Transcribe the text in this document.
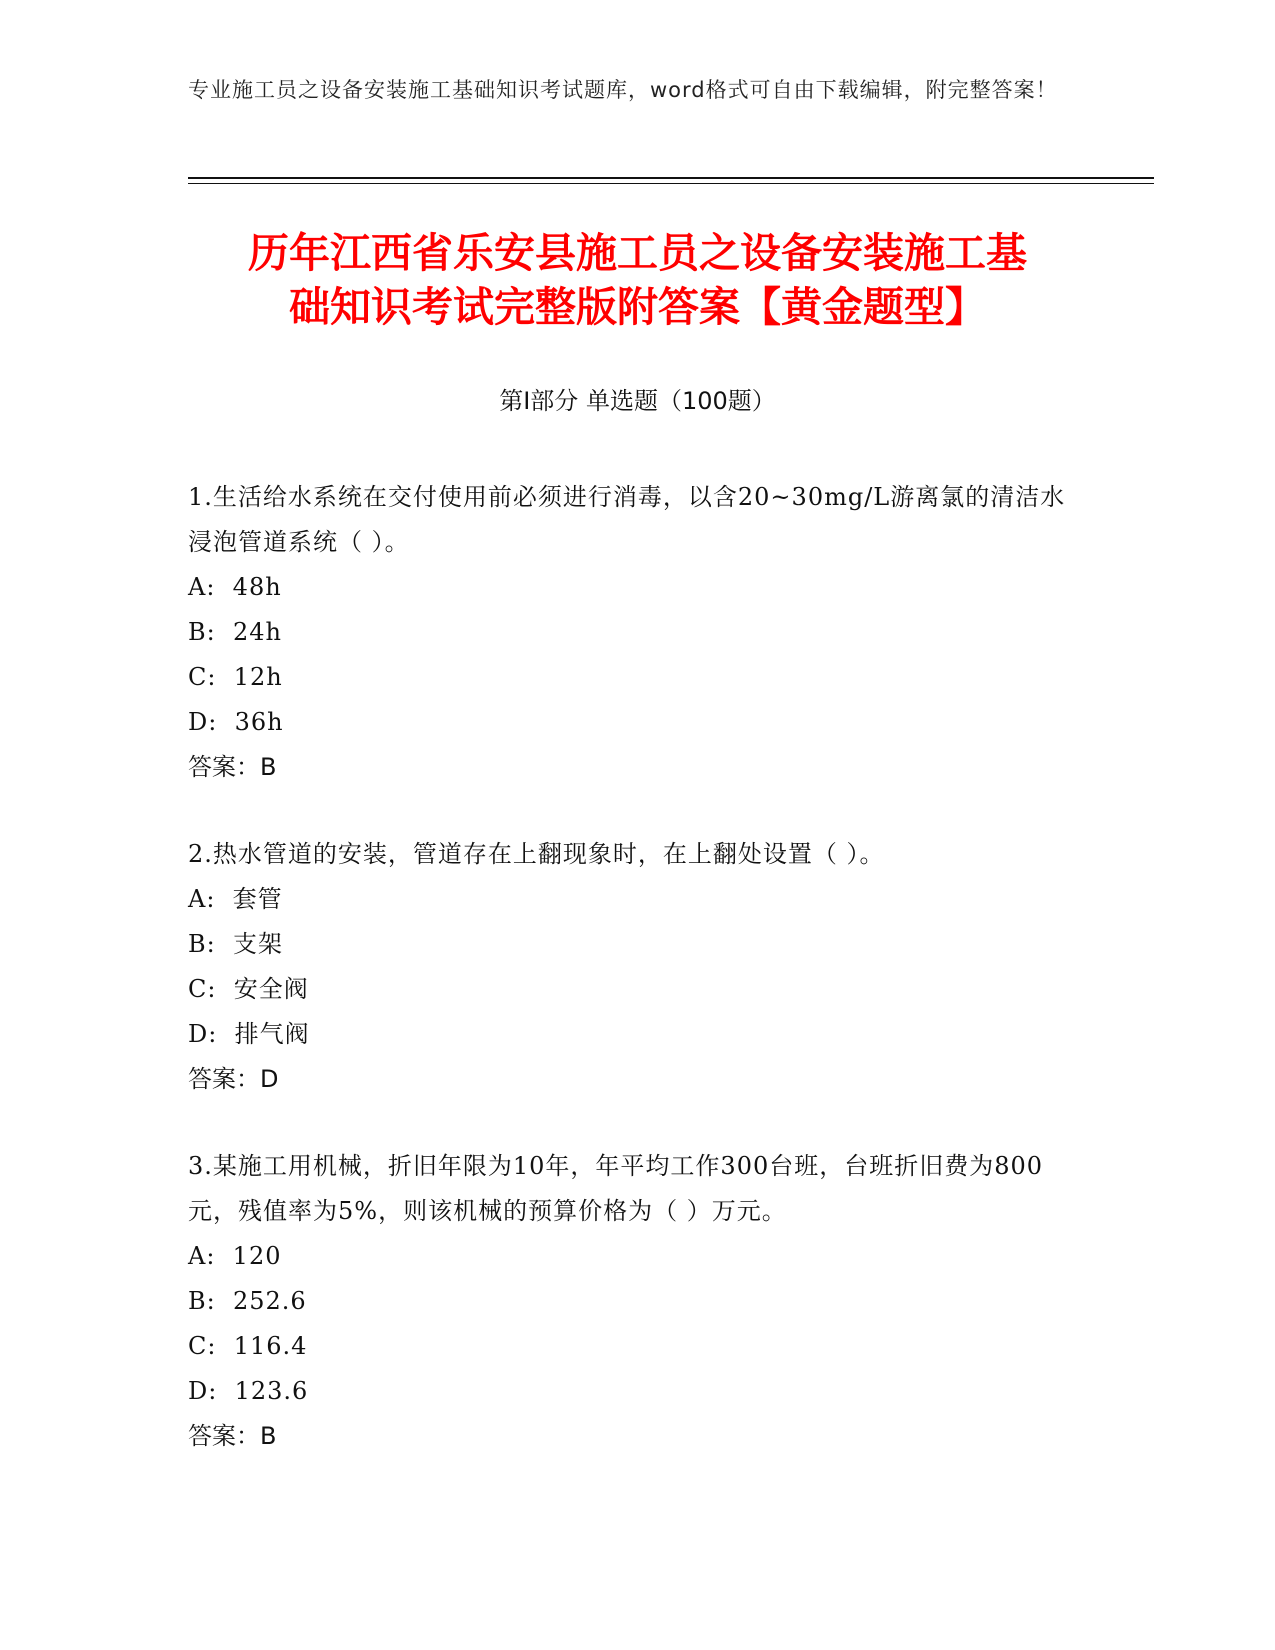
专业施工员之设备安装施工基础知识考试题库，word格式可自由下载编辑，附完整答案！
历年江西省乐安县施工员之设备安装施工基
础知识考试完整版附答案【黄金题型】
第Ⅰ部分 单选题（100题）

1.生活给水系统在交付使用前必须进行消毒，以含20~30mg/L游离氯的清洁水浸泡管道系统（ ）。

A:  48h

B:  24h

C:  12h

D:  36h

答案：B

2.热水管道的安装，管道存在上翻现象时，在上翻处设置（ ）。

A:  套管

B:  支架

C:  安全阀

D:  排气阀

答案：D

3.某施工用机械，折旧年限为10年，年平均工作300台班，台班折旧费为800元，残值率为5%，则该机械的预算价格为（ ）万元。

A:  120

B:  252.6

C:  116.4

D:  123.6

答案：B
